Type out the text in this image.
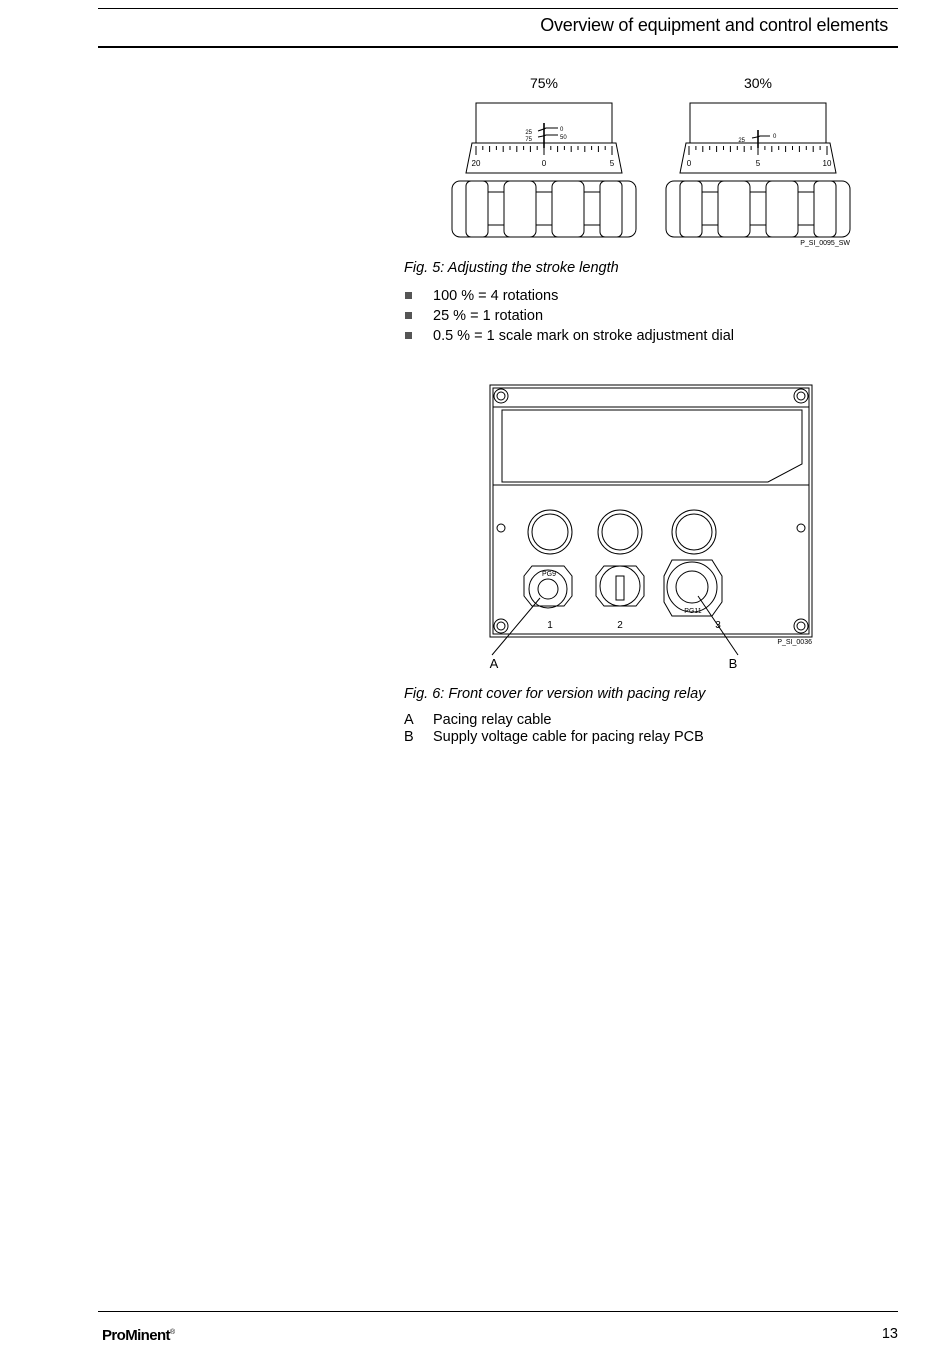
Overview of equipment and control elements
75%	30%
25
75
0
50
20	0	5
25
0
0	5	10
P_SI_0095_SW
Fig. 5: Adjusting the stroke length
100 % = 4 rotations
25 % = 1 rotation
0.5 % = 1 scale mark on stroke adjustment dial
PG9
PG11
1	2	3
P_SI_0036
A	B
Fig. 6: Front cover for version with pacing relay
A Pacing relay cable
B Supply voltage cable for pacing relay PCB
ProMinent®	13
